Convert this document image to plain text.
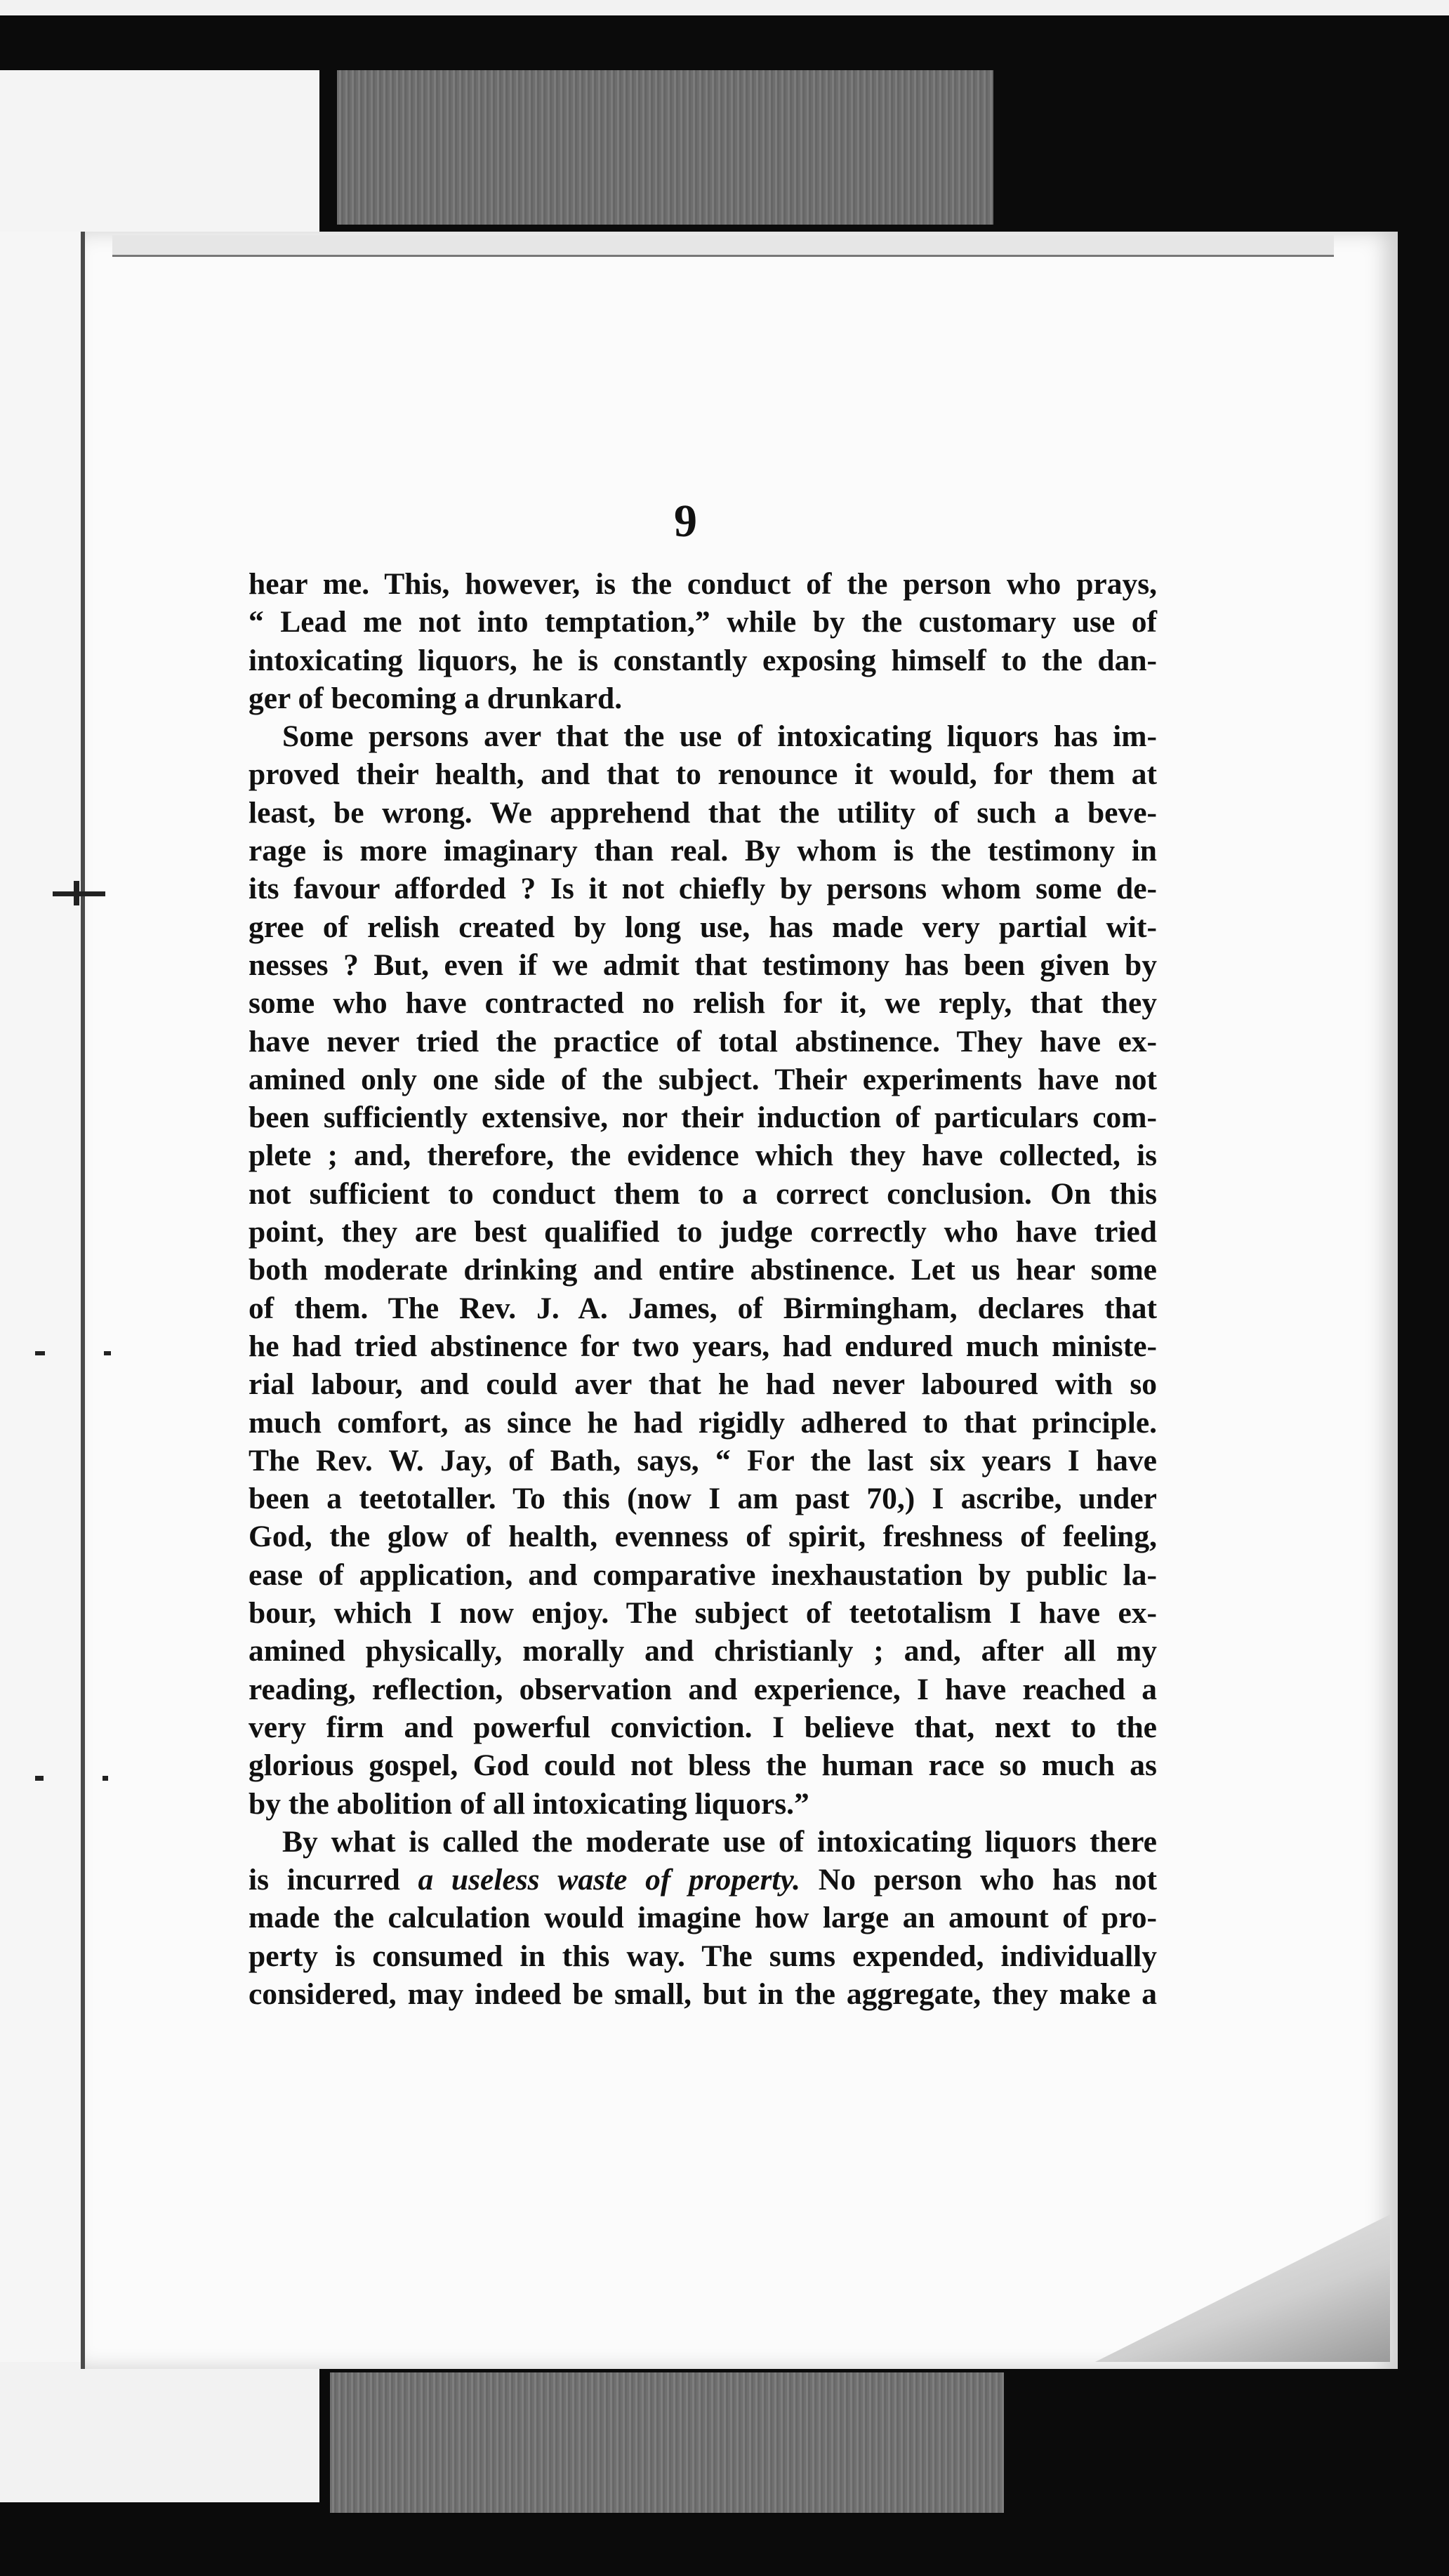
9
hear me. This, however, is the conduct of the person who prays,
“ Lead me not into temptation,” while by the customary use of
intoxicating liquors, he is constantly exposing himself to the dan-
ger of becoming a drunkard.
Some persons aver that the use of intoxicating liquors has im-
proved their health, and that to renounce it would, for them at
least, be wrong. We apprehend that the utility of such a beve-
rage is more imaginary than real. By whom is the testimony in
its favour afforded ? Is it not chiefly by persons whom some de-
gree of relish created by long use, has made very partial wit-
nesses ? But, even if we admit that testimony has been given by
some who have contracted no relish for it, we reply, that they
have never tried the practice of total abstinence. They have ex-
amined only one side of the subject. Their experiments have not
been sufficiently extensive, nor their induction of particulars com-
plete ; and, therefore, the evidence which they have collected, is
not sufficient to conduct them to a correct conclusion. On this
point, they are best qualified to judge correctly who have tried
both moderate drinking and entire abstinence. Let us hear some
of them. The Rev. J. A. James, of Birmingham, declares that
he had tried abstinence for two years, had endured much ministe-
rial labour, and could aver that he had never laboured with so
much comfort, as since he had rigidly adhered to that principle.
The Rev. W. Jay, of Bath, says, “ For the last six years I have
been a teetotaller. To this (now I am past 70,) I ascribe, under
God, the glow of health, evenness of spirit, freshness of feeling,
ease of application, and comparative inexhaustation by public la-
bour, which I now enjoy. The subject of teetotalism I have ex-
amined physically, morally and christianly ; and, after all my
reading, reflection, observation and experience, I have reached a
very firm and powerful conviction. I believe that, next to the
glorious gospel, God could not bless the human race so much as
by the abolition of all intoxicating liquors.”
By what is called the moderate use of intoxicating liquors there
is incurred a useless waste of property. No person who has not
made the calculation would imagine how large an amount of pro-
perty is consumed in this way. The sums expended, individually
considered, may indeed be small, but in the aggregate, they make a
